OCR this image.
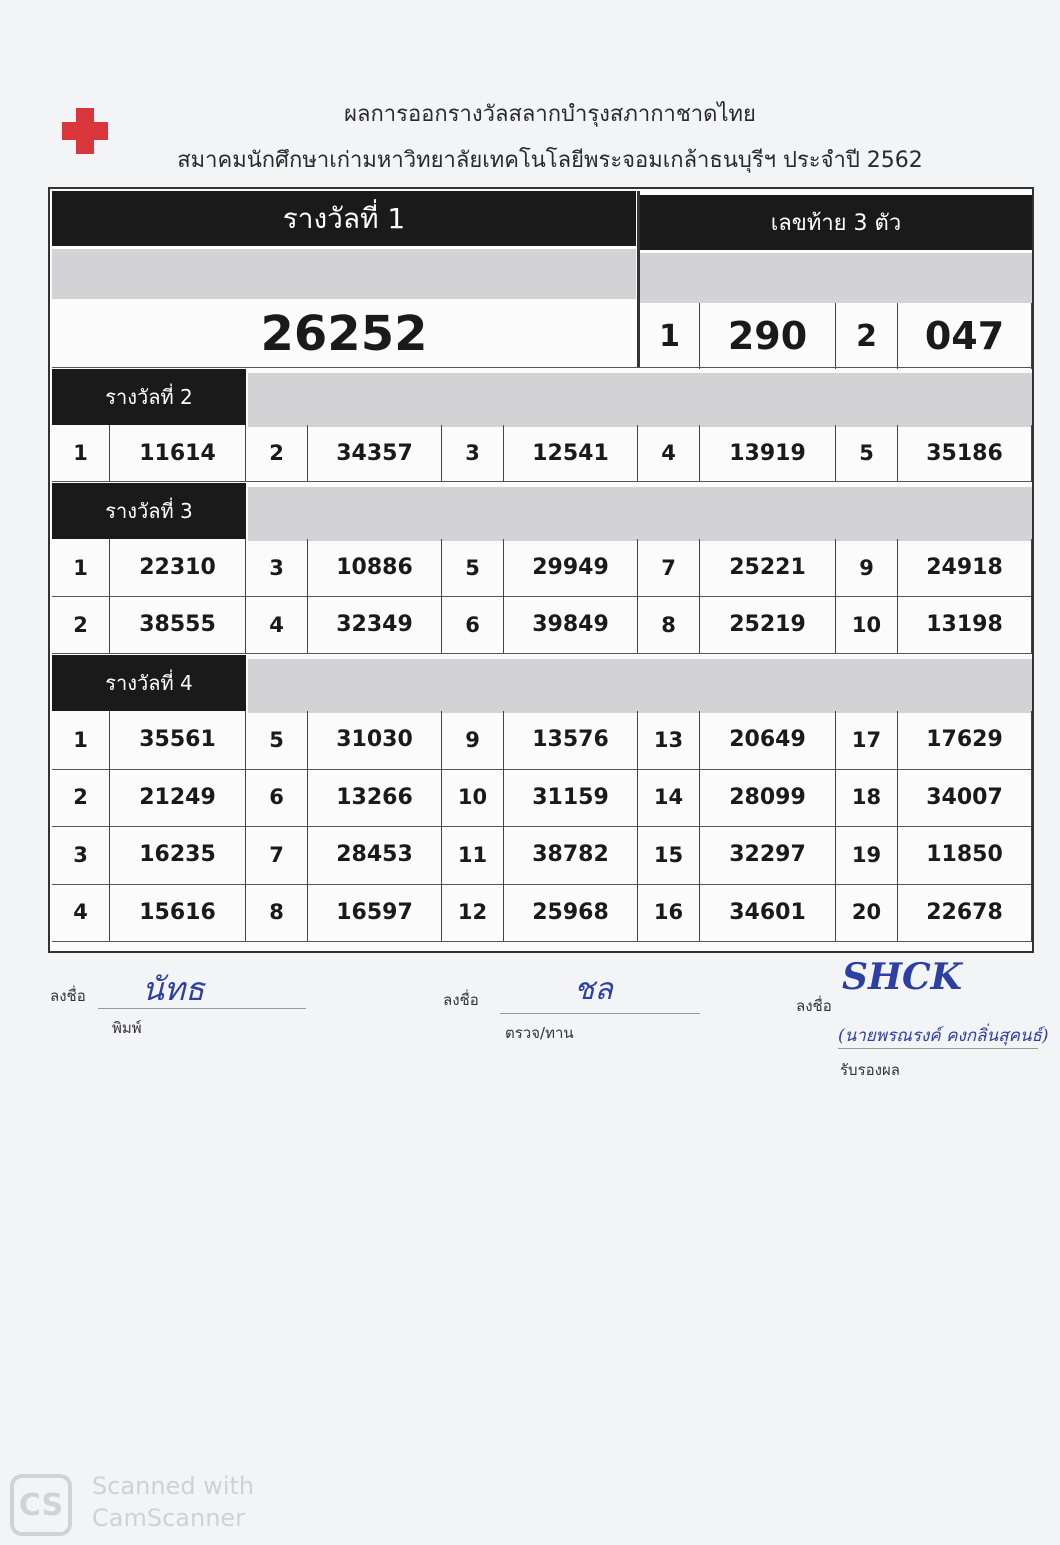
ผลการออกรางวัลสลากบำรุงสภากาชาดไทย
สมาคมนักศึกษาเก่ามหาวิทยาลัยเทคโนโลยีพระจอมเกล้าธนบุรีฯ ประจำปี 2562
รางวัลที่ 1	เลขท้าย 3 ตัว
26252	1	290	2	047
รางวัลที่ 2
1	11614	2	34357	3	12541	4	13919	5	35186
รางวัลที่ 3
1	22310	3	10886	5	29949	7	25221	9	24918
2	38555	4	32349	6	39849	8	25219	10	13198
รางวัลที่ 4
1	35561	5	31030	9	13576	13	20649	17	17629
2	21249	6	13266	10	31159	14	28099	18	34007
3	16235	7	28453	11	38782	15	32297	19	11850
4	15616	8	16597	12	25968	16	34601	20	22678
ลงชื่อ นัทธ
พิมพ์
ลงชื่อ	ชล
ตรวจ/ทาน
ลงชื่อ
SHCK
(นายพรณรงค์ คงกลิ่นสุคนธ์)
รับรองผล
CS
Scanned with
CamScanner
